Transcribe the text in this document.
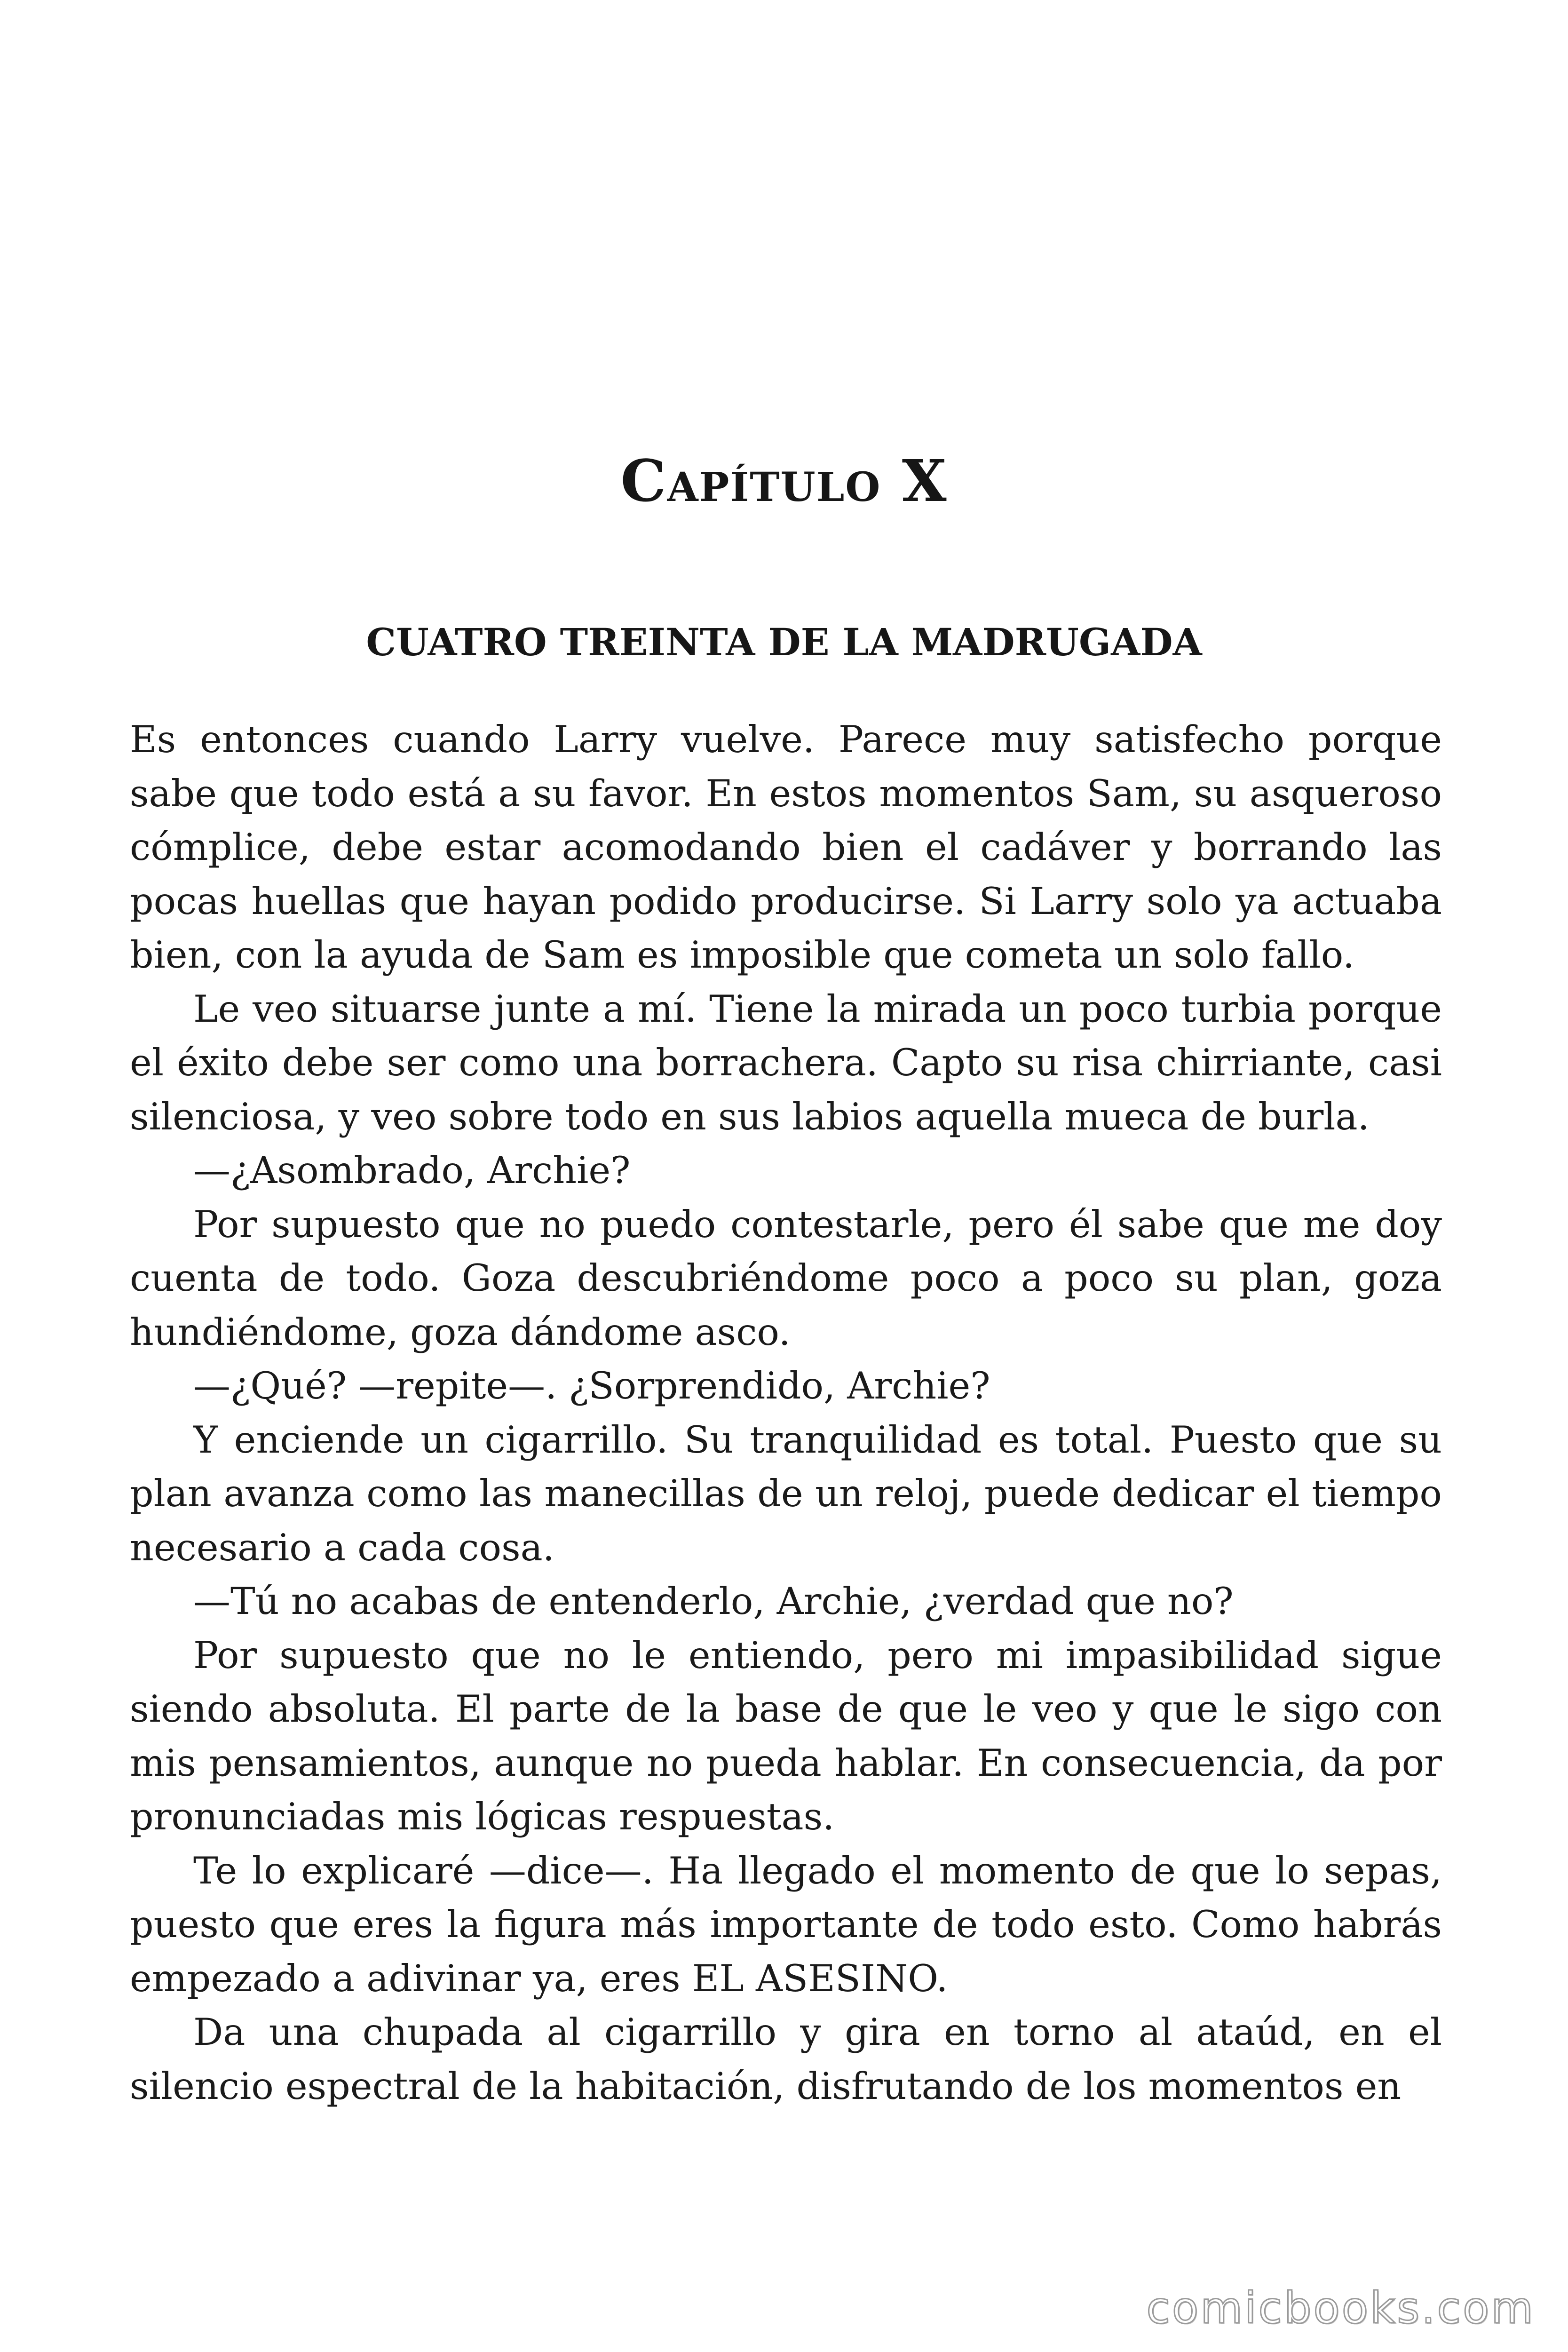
Capítulo X
CUATRO TREINTA DE LA MADRUGADA

Es entonces cuando Larry vuelve. Parece muy satisfecho porque sabe que todo está a su favor. En estos momentos Sam, su asqueroso cómplice, debe estar acomodando bien el cadáver y borrando las pocas huellas que hayan podido producirse. Si Larry solo ya actuaba bien, con la ayuda de Sam es imposible que cometa un solo fallo.

Le veo situarse junte a mí. Tiene la mirada un poco turbia porque el éxito debe ser como una borrachera. Capto su risa chirriante, casi silenciosa, y veo sobre todo en sus labios aquella mueca de burla.

—¿Asombrado, Archie?

Por supuesto que no puedo contestarle, pero él sabe que me doy cuenta de todo. Goza descubriéndome poco a poco su plan, goza hundiéndome, goza dándome asco.

—¿Qué? —repite—. ¿Sorprendido, Archie?

Y enciende un cigarrillo. Su tranquilidad es total. Puesto que su plan avanza como las manecillas de un reloj, puede dedicar el tiempo necesario a cada cosa.

—Tú no acabas de entenderlo, Archie, ¿verdad que no?

Por supuesto que no le entiendo, pero mi impasibilidad sigue siendo absoluta. El parte de la base de que le veo y que le sigo con mis pensamientos, aunque no pueda hablar. En consecuencia, da por pronunciadas mis lógicas respuestas.

Te lo explicaré —dice—. Ha llegado el momento de que lo sepas, puesto que eres la figura más importante de todo esto. Como habrás empezado a adivinar ya, eres EL ASESINO.

Da una chupada al cigarrillo y gira en torno al ataúd, en el silencio espectral de la habitación, disfrutando de los momentos en

comicbooks.com
